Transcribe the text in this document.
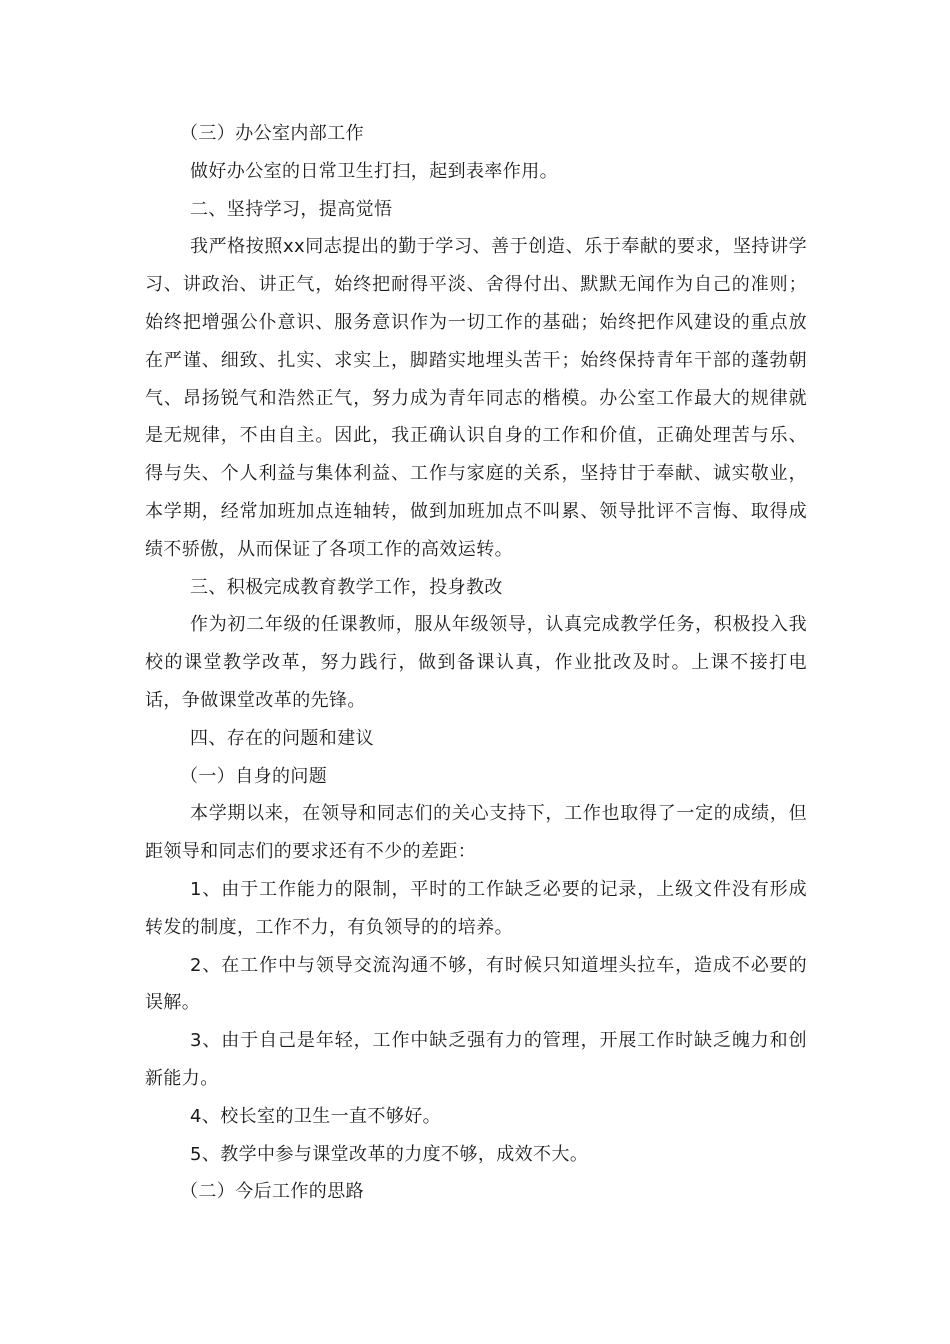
（三）办公室内部工作

做好办公室的日常卫生打扫，起到表率作用。

二、坚持学习，提高觉悟

我严格按照xx同志提出的勤于学习、善于创造、乐于奉献的要求，坚持讲学习、讲政治、讲正气，始终把耐得平淡、舍得付出、默默无闻作为自己的准则；始终把增强公仆意识、服务意识作为一切工作的基础；始终把作风建设的重点放在严谨、细致、扎实、求实上，脚踏实地埋头苦干；始终保持青年干部的蓬勃朝气、昂扬锐气和浩然正气，努力成为青年同志的楷模。办公室工作最大的规律就是无规律，不由自主。因此，我正确认识自身的工作和价值，正确处理苦与乐、得与失、个人利益与集体利益、工作与家庭的关系，坚持甘于奉献、诚实敬业，本学期，经常加班加点连轴转，做到加班加点不叫累、领导批评不言悔、取得成绩不骄傲，从而保证了各项工作的高效运转。

三、积极完成教育教学工作，投身教改

作为初二年级的任课教师，服从年级领导，认真完成教学任务，积极投入我校的课堂教学改革，努力践行，做到备课认真，作业批改及时。上课不接打电话，争做课堂改革的先锋。

四、存在的问题和建议

（一）自身的问题

本学期以来，在领导和同志们的关心支持下，工作也取得了一定的成绩，但距领导和同志们的要求还有不少的差距：

1、由于工作能力的限制，平时的工作缺乏必要的记录，上级文件没有形成转发的制度，工作不力，有负领导的的培养。

2、在工作中与领导交流沟通不够，有时候只知道埋头拉车，造成不必要的误解。

3、由于自己是年轻，工作中缺乏强有力的管理，开展工作时缺乏魄力和创新能力。

4、校长室的卫生一直不够好。

5、教学中参与课堂改革的力度不够，成效不大。

（二）今后工作的思路
